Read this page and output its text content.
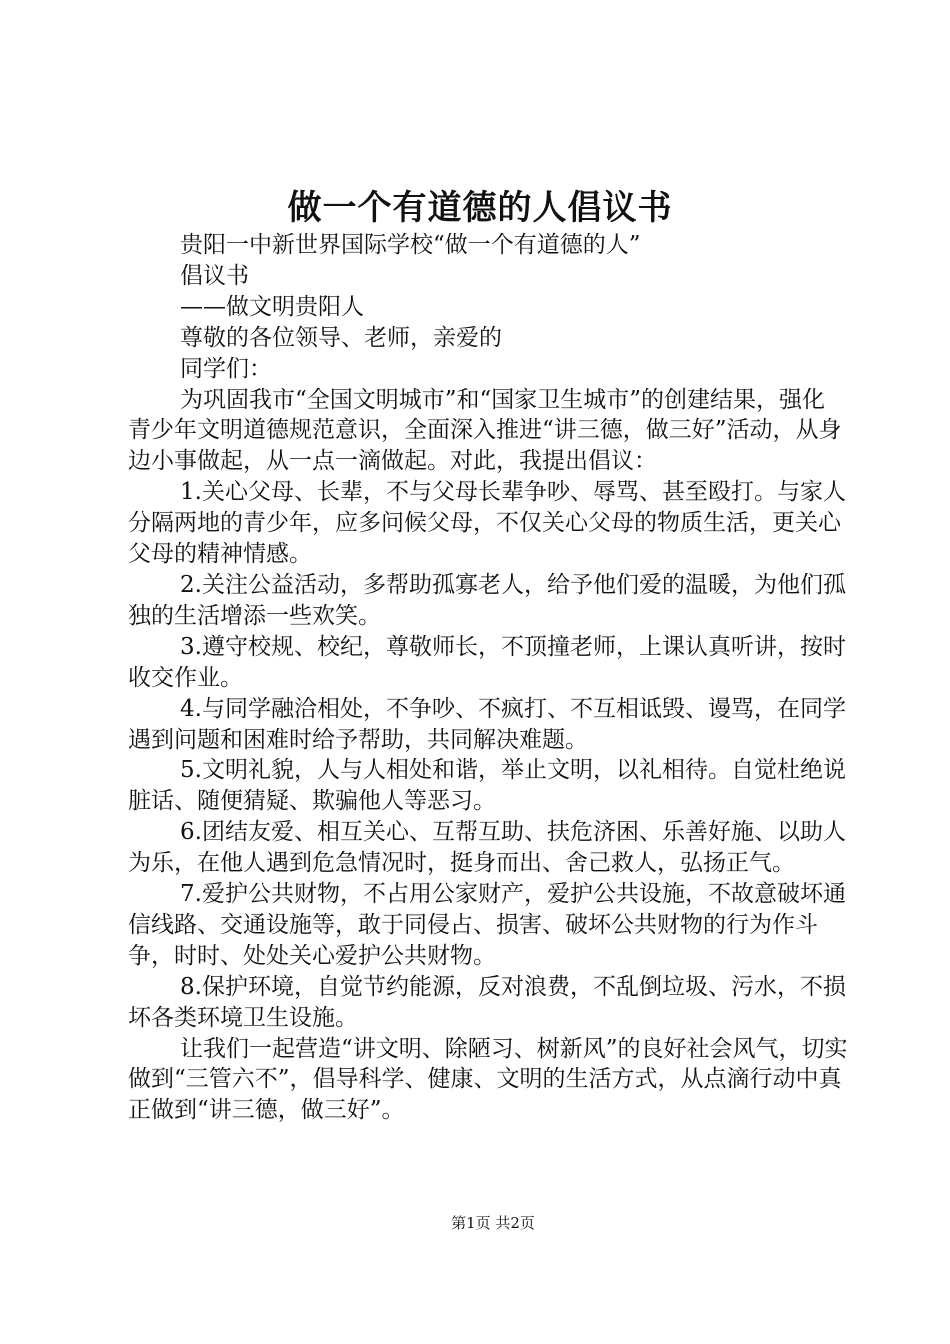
做一个有道德的人倡议书

贵阳一中新世界国际学校“做一个有道德的人”

倡议书

——做文明贵阳人

尊敬的各位领导、老师，亲爱的

同学们：

为巩固我市“全国文明城市”和“国家卫生城市”的创建结果，强化青少年文明道德规范意识，全面深入推进“讲三德，做三好”活动，从身边小事做起，从一点一滴做起。对此，我提出倡议：

1.关心父母、长辈，不与父母长辈争吵、辱骂、甚至殴打。与家人分隔两地的青少年，应多问候父母，不仅关心父母的物质生活，更关心父母的精神情感。

2.关注公益活动，多帮助孤寡老人，给予他们爱的温暖，为他们孤独的生活增添一些欢笑。

3.遵守校规、校纪，尊敬师长，不顶撞老师，上课认真听讲，按时收交作业。

4.与同学融洽相处，不争吵、不疯打、不互相诋毁、谩骂，在同学遇到问题和困难时给予帮助，共同解决难题。

5.文明礼貌，人与人相处和谐，举止文明，以礼相待。自觉杜绝说脏话、随便猜疑、欺骗他人等恶习。

6.团结友爱、相互关心、互帮互助、扶危济困、乐善好施、以助人为乐，在他人遇到危急情况时，挺身而出、舍己救人，弘扬正气。

7.爱护公共财物，不占用公家财产，爱护公共设施，不故意破坏通信线路、交通设施等，敢于同侵占、损害、破坏公共财物的行为作斗争，时时、处处关心爱护公共财物。

8.保护环境，自觉节约能源，反对浪费，不乱倒垃圾、污水，不损坏各类环境卫生设施。

让我们一起营造“讲文明、除陋习、树新风”的良好社会风气，切实做到“三管六不”，倡导科学、健康、文明的生活方式，从点滴行动中真正做到“讲三德，做三好”。

第1页 共2页
